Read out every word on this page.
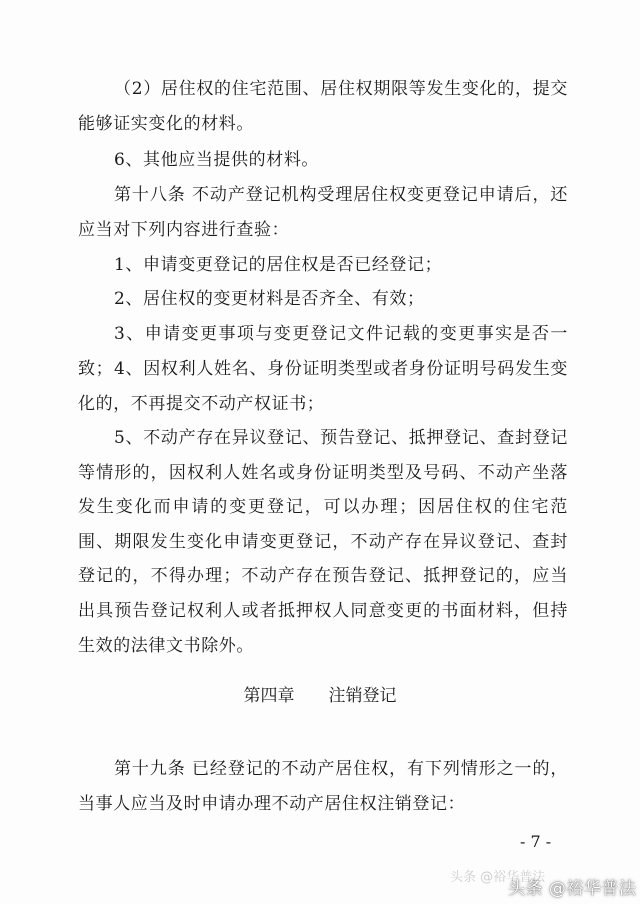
（2）居住权的住宅范围、居住权期限等发生变化的，提交能够证实变化的材料。

6、其他应当提供的材料。

第十八条 不动产登记机构受理居住权变更登记申请后，还应当对下列内容进行查验：

1、申请变更登记的居住权是否已经登记；

2、居住权的变更材料是否齐全、有效；

3、申请变更事项与变更登记文件记载的变更事实是否一致； 4、因权利人姓名、身份证明类型或者身份证明号码发生变化的，不再提交不动产权证书；

5、不动产存在异议登记、预告登记、抵押登记、查封登记等情形的，因权利人姓名或身份证明类型及号码、不动产坐落发生变化而申请的变更登记，可以办理；因居住权的住宅范围、期限发生变化申请变更登记，不动产存在异议登记、查封登记的，不得办理；不动产存在预告登记、抵押登记的，应当出具预告登记权利人或者抵押权人同意变更的书面材料，但持生效的法律文书除外。

第四章 注销登记

第十九条 已经登记的不动产居住权，有下列情形之一的，当事人应当及时申请办理不动产居住权注销登记：

- 7 -
头条 @裕华普法
头条 @裕华普法
